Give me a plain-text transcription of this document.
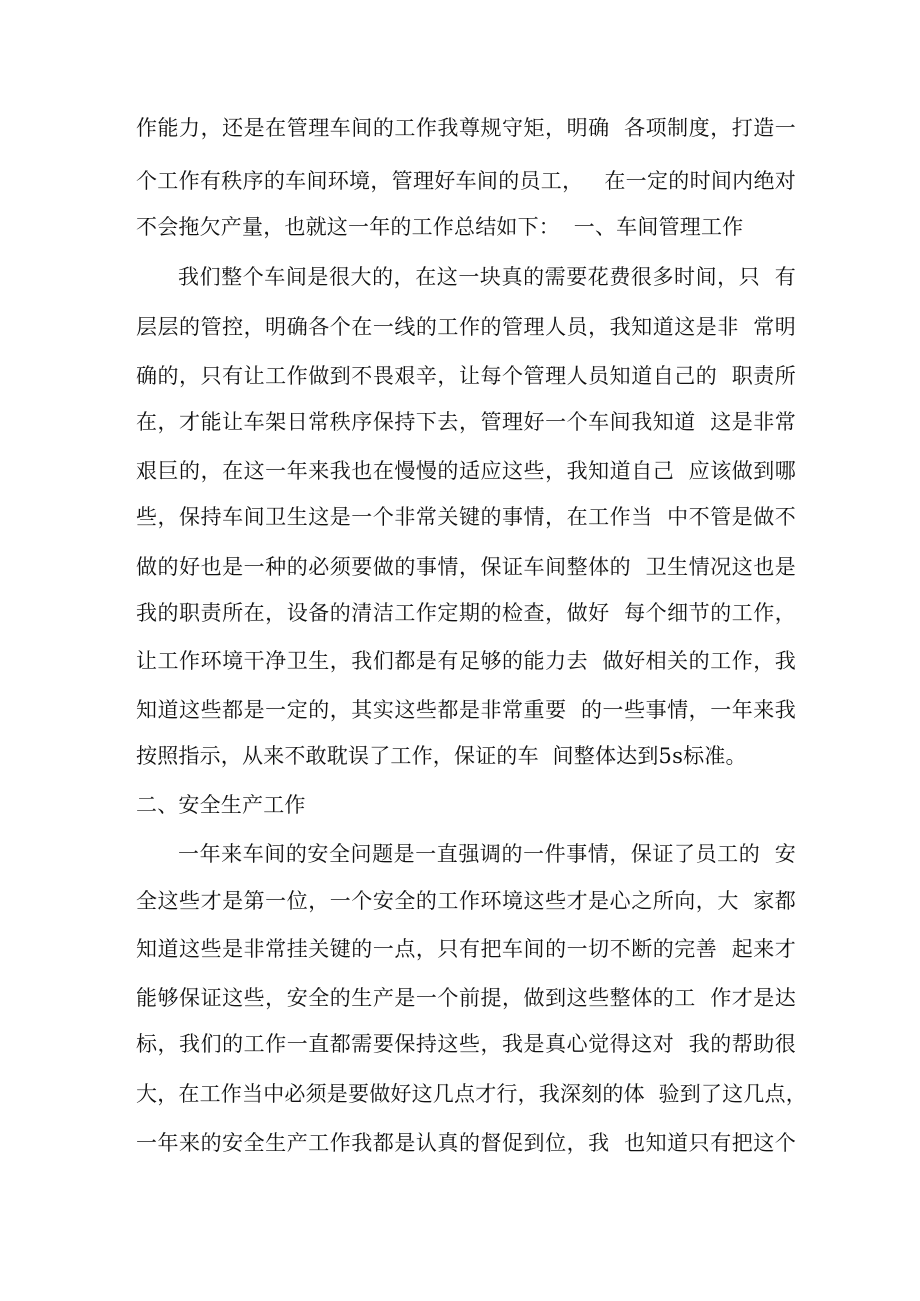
作能力，还是在管理车间的工作我尊规守矩，明确  各项制度，打造一
个工作有秩序的车间环境，管理好车间的员工，   在一定的时间内绝对
不会拖欠产量，也就这一年的工作总结如下：  一、车间管理工作
我们整个车间是很大的，在这一块真的需要花费很多时间，只  有
层层的管控，明确各个在一线的工作的管理人员，我知道这是非  常明
确的，只有让工作做到不畏艰辛，让每个管理人员知道自己的  职责所
在，才能让车架日常秩序保持下去，管理好一个车间我知道  这是非常
艰巨的，在这一年来我也在慢慢的适应这些，我知道自己  应该做到哪
些，保持车间卫生这是一个非常关键的事情，在工作当  中不管是做不
做的好也是一种的必须要做的事情，保证车间整体的  卫生情况这也是
我的职责所在，设备的清洁工作定期的检查，做好  每个细节的工作，
让工作环境干净卫生，我们都是有足够的能力去  做好相关的工作，我
知道这些都是一定的，其实这些都是非常重要  的一些事情，一年来我
按照指示，从来不敢耽误了工作，保证的车  间整体达到5s标准。
二、安全生产工作
一年来车间的安全问题是一直强调的一件事情，保证了员工的  安
全这些才是第一位，一个安全的工作环境这些才是心之所向，大  家都
知道这些是非常挂关键的一点，只有把车间的一切不断的完善  起来才
能够保证这些，安全的生产是一个前提，做到这些整体的工  作才是达
标，我们的工作一直都需要保持这些，我是真心觉得这对  我的帮助很
大，在工作当中必须是要做好这几点才行，我深刻的体  验到了这几点，
一年来的安全生产工作我都是认真的督促到位，我  也知道只有把这个
